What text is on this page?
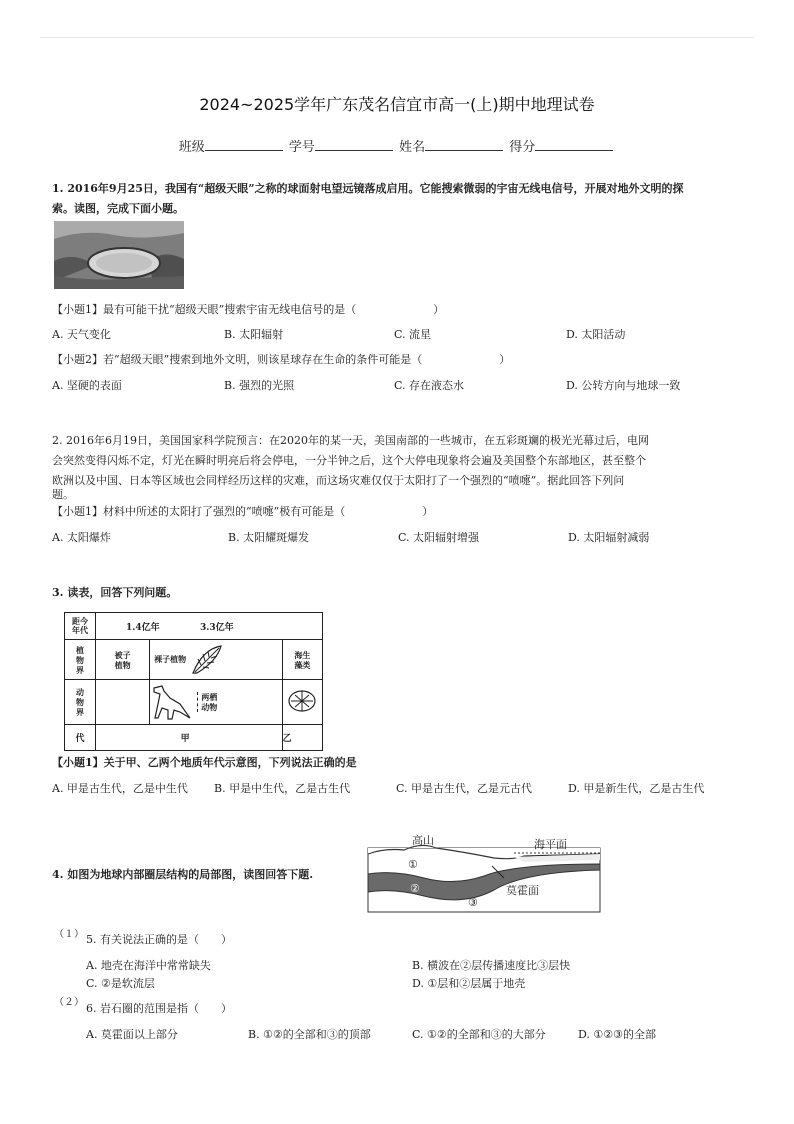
2024~2025学年广东茂名信宜市高一(上)期中地理试卷
班级	学号	姓名	得分
1. 2016年9月25日，我国有“超级天眼”之称的球面射电望远镜落成启用。它能搜索微弱的宇宙无线电信号，开展对地外文明的探
索。读图，完成下面小题。
【小题1】最有可能干扰“超级天眼”搜索宇宙无线电信号的是（　　　　　　　）
A. 天气变化	B. 太阳辐射	C. 流星	D. 太阳活动
【小题2】若“超级天眼”搜索到地外文明，则该星球存在生命的条件可能是（　　　　　　　）
A. 坚硬的表面	B. 强烈的光照	C. 存在液态水	D. 公转方向与地球一致
2. 2016年6月19日，美国国家科学院预言：在2020年的某一天，美国南部的一些城市，在五彩斑斓的极光光幕过后，电网
会突然变得闪烁不定，灯光在瞬时明亮后将会停电，一分半钟之后，这个大停电现象将会遍及美国整个东部地区，甚至整个
欧洲以及中国、日本等区域也会同样经历这样的灾难，而这场灾难仅仅于太阳打了一个强烈的“喷嚏”。据此回答下列问
题。
【小题1】材料中所述的太阳打了强烈的“喷嚏”极有可能是（　　　　　　　）
A. 太阳爆炸	B. 太阳耀斑爆发	C. 太阳辐射增强	D. 太阳辐射减弱
3. 读表，回答下列问题。
距今
年代	1.4亿年 3.3亿年		
植
物
界	被子
植物	裸子植物	海生
藻类
动
物
界		两栖
动物	
代	甲		乙
【小题1】关于甲、乙两个地质年代示意图，下列说法正确的是
A. 甲是古生代，乙是中生代 B. 甲是中生代，乙是古生代	C. 甲是古生代，乙是元古代	D. 甲是新生代，乙是古生代
4. 如图为地球内部圈层结构的局部图，读图回答下题.
①
②
③
莫霍面
高山	海平面
（１） 5. 有关说法正确的是（　　）
A. 地壳在海洋中常常缺失	B. 横波在②层传播速度比③层快
C. ②是软流层	D. ①层和②层属于地壳
（２） 6. 岩石圈的范围是指（　　）
A. 莫霍面以上部分	B. ①②的全部和③的顶部	C. ①②的全部和③的大部分	D. ①②③的全部
